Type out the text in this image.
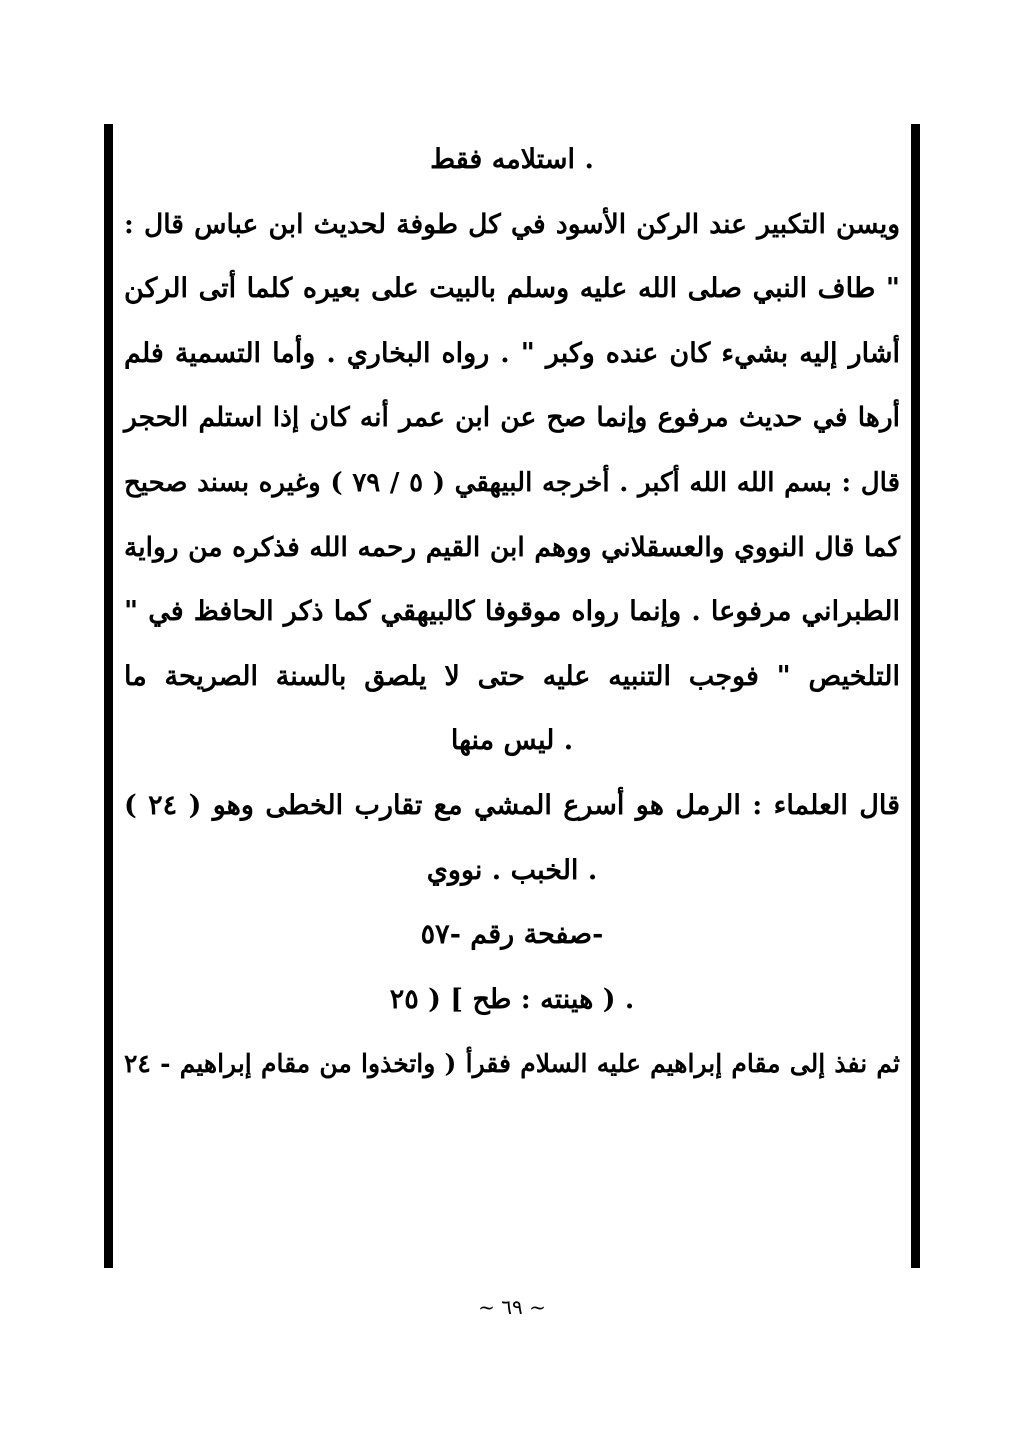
. استلامه فقط
ويسن التكبير عند الركن الأسود في كل طوفة لحديث ابن عباس قال :
" طاف النبي صلى الله عليه وسلم بالبيت على بعيره كلما أتى الركن
أشار إليه بشيء كان عنده وكبر " . رواه البخاري . وأما التسمية فلم
أرها في حديث مرفوع وإنما صح عن ابن عمر أنه كان إذا استلم الحجر
قال : بسم الله الله أكبر . أخرجه البيهقي ( ٥ / ٧٩ ) وغيره بسند صحيح
كما قال النووي والعسقلاني ووهم ابن القيم رحمه الله فذكره من رواية
الطبراني مرفوعا . وإنما رواه موقوفا كالبيهقي كما ذكر الحافظ في "
التلخيص " فوجب التنبيه عليه حتى لا يلصق بالسنة الصريحة ما
. ليس منها
قال العلماء : الرمل هو أسرع المشي مع تقارب الخطى وهو ( ٢٤ )
. الخبب . نووي
-صفحة رقم -٥٧
. ( هينته : طح ] ( ٢٥
ثم نفذ إلى مقام إبراهيم عليه السلام فقرأ ( واتخذوا من مقام إبراهيم - ٢٤
~ ٦٩ ~
